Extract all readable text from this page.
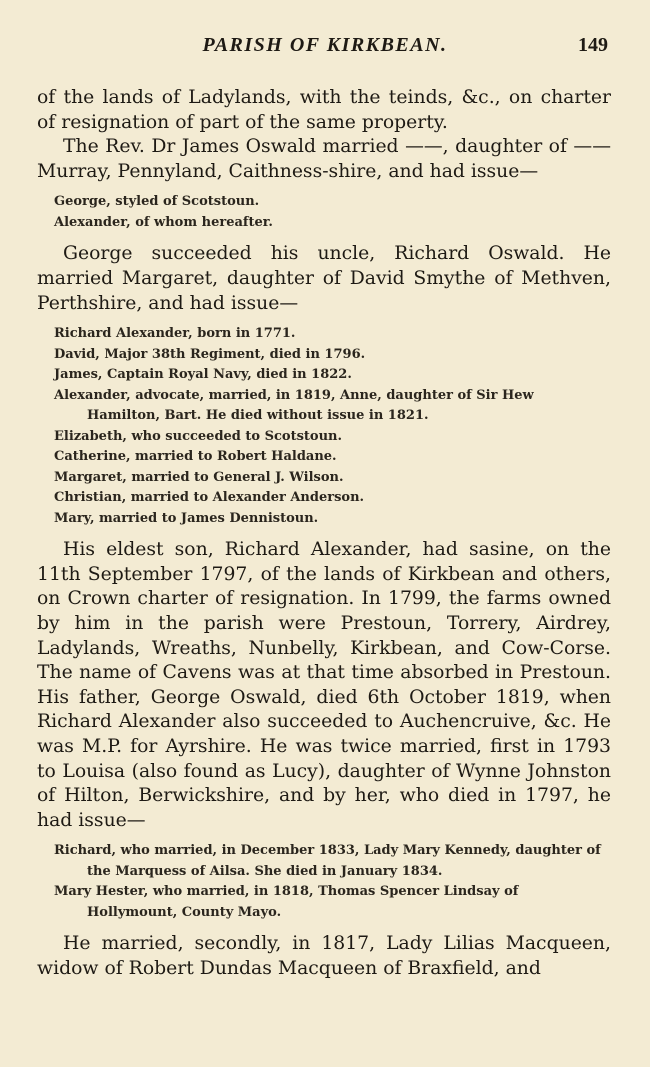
PARISH OF KIRKBEAN.	149

of the lands of Ladylands, with the teinds, &c., on charter of resignation of part of the same property.

The Rev. Dr James Oswald married ——, daughter of —— Murray, Pennyland, Caithness-shire, and had issue—

George, styled of Scotstoun.
Alexander, of whom hereafter.

George succeeded his uncle, Richard Oswald. He married Margaret, daughter of David Smythe of Methven, Perthshire, and had issue—

Richard Alexander, born in 1771.
David, Major 38th Regiment, died in 1796.
James, Captain Royal Navy, died in 1822.
Alexander, advocate, married, in 1819, Anne, daughter of Sir Hew Hamilton, Bart. He died without issue in 1821.
Elizabeth, who succeeded to Scotstoun.
Catherine, married to Robert Haldane.
Margaret, married to General J. Wilson.
Christian, married to Alexander Anderson.
Mary, married to James Dennistoun.

His eldest son, Richard Alexander, had sasine, on the 11th September 1797, of the lands of Kirkbean and others, on Crown charter of resignation. In 1799, the farms owned by him in the parish were Prestoun, Torrery, Airdrey, Ladylands, Wreaths, Nunbelly, Kirkbean, and Cow-Corse. The name of Cavens was at that time absorbed in Prestoun. His father, George Oswald, died 6th October 1819, when Richard Alexander also succeeded to Auchencruive, &c. He was M.P. for Ayrshire. He was twice married, first in 1793 to Louisa (also found as Lucy), daughter of Wynne Johnston of Hilton, Berwickshire, and by her, who died in 1797, he had issue—

Richard, who married, in December 1833, Lady Mary Kennedy, daughter of the Marquess of Ailsa. She died in January 1834.
Mary Hester, who married, in 1818, Thomas Spencer Lindsay of Hollymount, County Mayo.

He married, secondly, in 1817, Lady Lilias Macqueen, widow of Robert Dundas Macqueen of Braxfield, and
